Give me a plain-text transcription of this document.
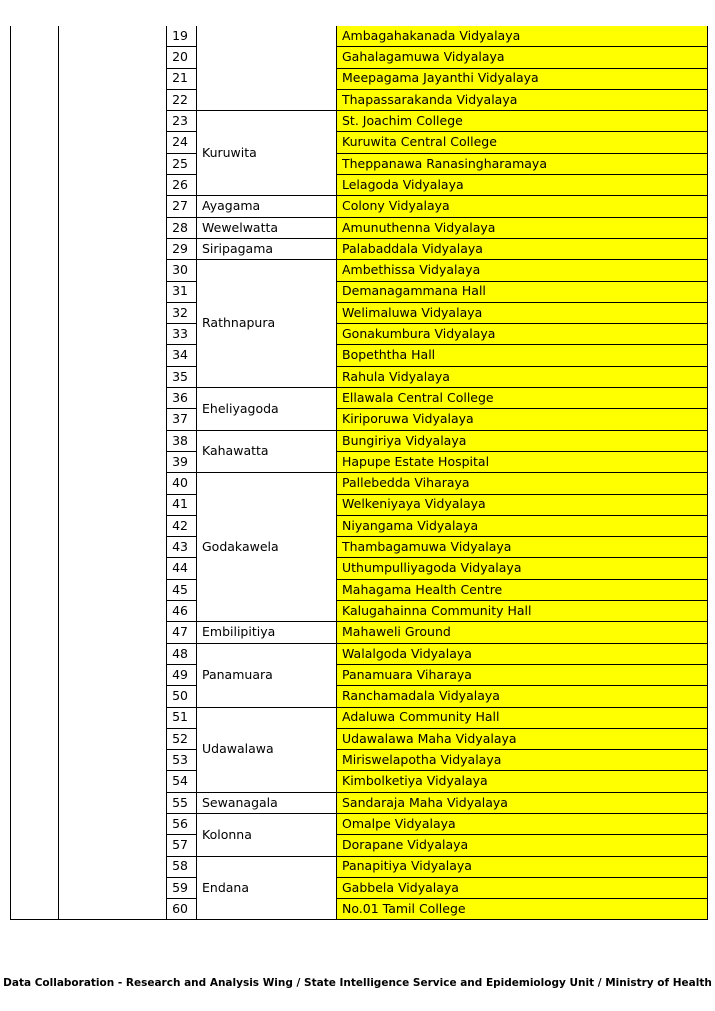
		19		Ambagahakanada Vidyalaya
		20		Gahalagamuwa Vidyalaya
		21		Meepagama Jayanthi Vidyalaya
		22		Thapassarakanda Vidyalaya
		23	Kuruwita	St. Joachim College
		24		Kuruwita Central College
		25		Theppanawa Ranasingharamaya
		26		Lelagoda Vidyalaya
		27	Ayagama	Colony Vidyalaya
		28	Wewelwatta	Amunuthenna Vidyalaya
		29	Siripagama	Palabaddala Vidyalaya
		30	Rathnapura	Ambethissa Vidyalaya
		31		Demanagammana Hall
		32		Welimaluwa Vidyalaya
		33		Gonakumbura Vidyalaya
		34		Bopeththa Hall
		35		Rahula Vidyalaya
		36	Eheliyagoda	Ellawala Central College
		37		Kiriporuwa Vidyalaya
		38	Kahawatta	Bungiriya Vidyalaya
		39		Hapupe Estate Hospital
		40	Godakawela	Pallebedda Viharaya
		41		Welkeniyaya Vidyalaya
		42		Niyangama Vidyalaya
		43		Thambagamuwa Vidyalaya
		44		Uthumpulliyagoda Vidyalaya
		45		Mahagama Health Centre
		46		Kalugahainna Community Hall
		47	Embilipitiya	Mahaweli Ground
		48	Panamuara	Walalgoda Vidyalaya
		49		Panamuara Viharaya
		50		Ranchamadala Vidyalaya
		51	Udawalawa	Adaluwa Community Hall
		52		Udawalawa Maha Vidyalaya
		53		Miriswelapotha Vidyalaya
		54		Kimbolketiya Vidyalaya
		55	Sewanagala	Sandaraja Maha Vidyalaya
		56	Kolonna	Omalpe Vidyalaya
		57		Dorapane Vidyalaya
		58	Endana	Panapitiya Vidyalaya
		59		Gabbela Vidyalaya
		60		No.01 Tamil College
Data Collaboration - Research and Analysis Wing / State Intelligence Service and Epidemiology Unit / Ministry of Health
